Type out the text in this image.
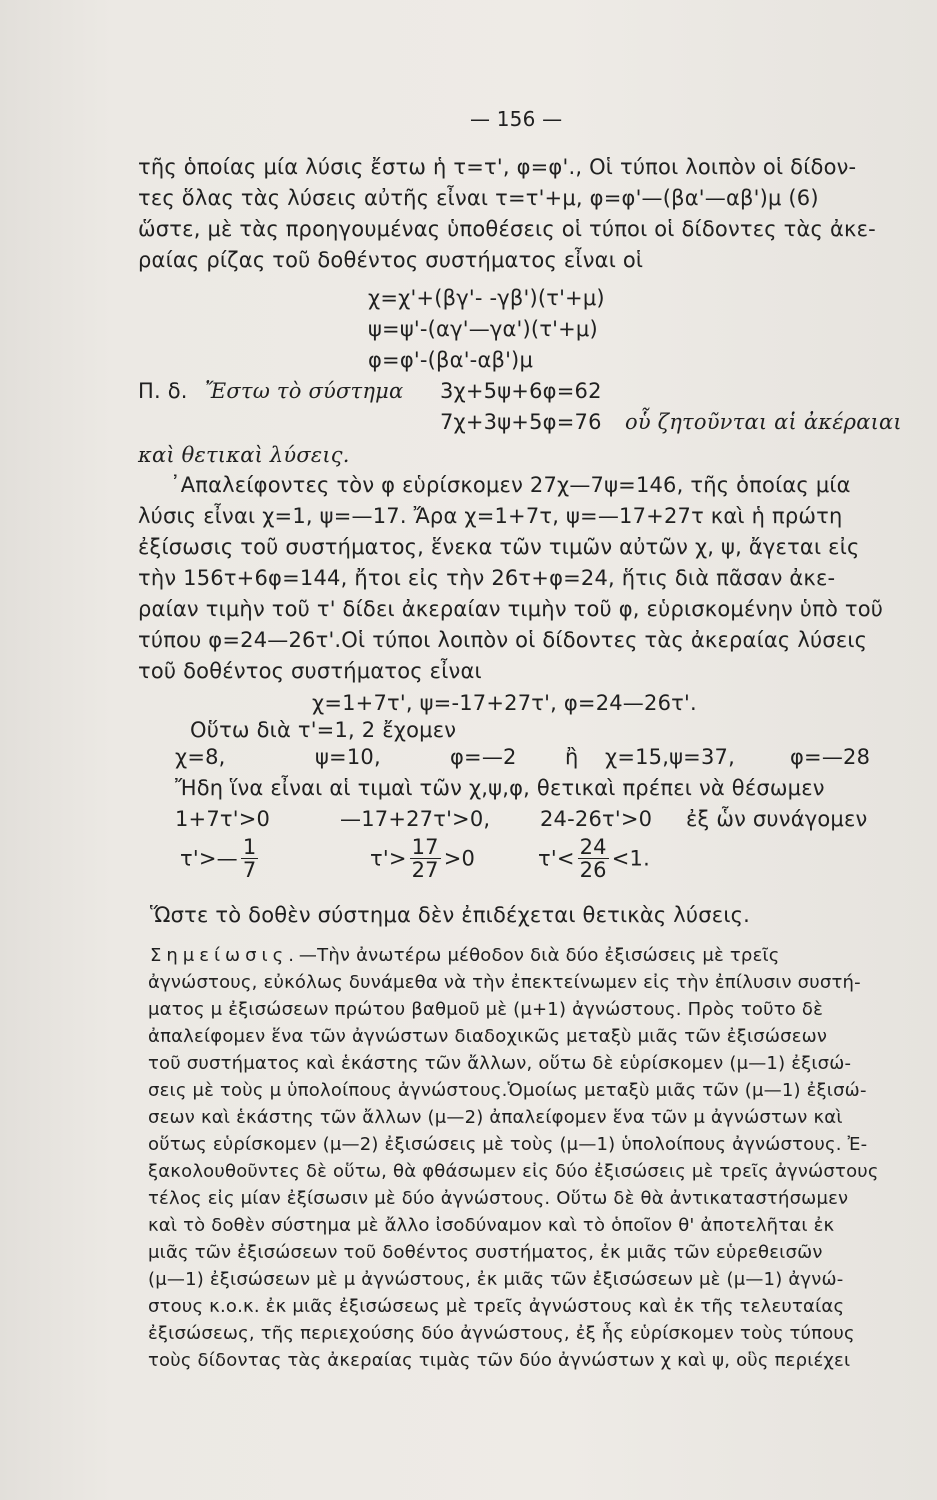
— 156 —
τῆς ὁποίας μία λύσις ἔστω ἡ τ=τ', φ=φ'., Οἱ τύποι λοιπὸν οἱ δίδον-
τες ὅλας τὰς λύσεις αὐτῆς εἶναι τ=τ'+μ, φ=φ'—(βα'—αβ')μ (6)
ὥστε, μὲ τὰς προηγουμένας ὑποθέσεις οἱ τύποι οἱ δίδοντες τὰς ἀκε-
ραίας ρίζας τοῦ δοθέντος συστήματος εἶναι οἱ
χ=χ'+(βγ'- -γβ')(τ'+μ)
ψ=ψ'-(αγ'—γα')(τ'+μ)
φ=φ'-(βα'-αβ')μ
Π. δ. Ἔστω τὸ σύστημα 3χ+5ψ+6φ=62
7χ+3ψ+5φ=76 οὗ ζητοῦνται αἱ ἀκέραιαι
καὶ θετικαὶ λύσεις.
᾽Απαλείφοντες τὸν φ εὑρίσκομεν 27χ—7ψ=146, τῆς ὁποίας μία
λύσις εἶναι χ=1, ψ=—17. Ἄρα χ=1+7τ, ψ=—17+27τ καὶ ἡ πρώτη
ἐξίσωσις τοῦ συστήματος, ἕνεκα τῶν τιμῶν αὐτῶν χ, ψ, ἄγεται εἰς
τὴν 156τ+6φ=144, ἤτοι εἰς τὴν 26τ+φ=24, ἥτις διὰ πᾶσαν ἀκε-
ραίαν τιμὴν τοῦ τ' δίδει ἀκεραίαν τιμὴν τοῦ φ, εὑρισκομένην ὑπὸ τοῦ
τύπου φ=24—26τ'.Οἱ τύποι λοιπὸν οἱ δίδοντες τὰς ἀκεραίας λύσεις
τοῦ δοθέντος συστήματος εἶναι
χ=1+7τ', ψ=-17+27τ', φ=24—26τ'.
Οὕτω διὰ τ'=1, 2 ἔχομεν
χ=8,	ψ=10,	φ=—2 ἢ χ=15,ψ=37,	φ=—28
Ἤδη ἵνα εἶναι αἱ τιμαὶ τῶν χ,ψ,φ, θετικαὶ πρέπει νὰ θέσωμεν
1+7τ'>0	—17+27τ'>0, 24-26τ'>0 ἐξ ὧν συνάγομεν
τ'>— $\frac{1}{7}$	$\tau'> \frac{17}{27} >0$	$\tau'< \frac{24}{26} <1$.
Ὥστε τὸ δοθὲν σύστημα δὲν ἐπιδέχεται θετικὰς λύσεις.
Σημείωσις.—Τὴν ἀνωτέρω μέθοδον διὰ δύο ἐξισώσεις μὲ τρεῖς
ἀγνώστους, εὐκόλως δυνάμεθα νὰ τὴν ἐπεκτείνωμεν εἰς τὴν ἐπίλυσιν συστή-
ματος μ ἐξισώσεων πρώτου βαθμοῦ μὲ (μ+1) ἀγνώστους. Πρὸς τοῦτο δὲ
ἀπαλείφομεν ἕνα τῶν ἀγνώστων διαδοχικῶς μεταξὺ μιᾶς τῶν ἐξισώσεων
τοῦ συστήματος καὶ ἑκάστης τῶν ἄλλων, οὕτω δὲ εὑρίσκομεν (μ—1) ἐξισώ-
σεις μὲ τοὺς μ ὑπολοίπους ἀγνώστους.Ὁμοίως μεταξὺ μιᾶς τῶν (μ—1) ἐξισώ-
σεων καὶ ἑκάστης τῶν ἄλλων (μ—2) ἀπαλείφομεν ἕνα τῶν μ ἀγνώστων καὶ
οὕτως εὑρίσκομεν (μ—2) ἐξισώσεις μὲ τοὺς (μ—1) ὑπολοίπους ἀγνώστους. Ἐ-
ξακολουθοῦντες δὲ οὕτω, θὰ φθάσωμεν εἰς δύο ἐξισώσεις μὲ τρεῖς ἀγνώστους
τέλος εἰς μίαν ἐξίσωσιν μὲ δύο ἀγνώστους. Οὕτω δὲ θὰ ἀντικαταστήσωμεν
καὶ τὸ δοθὲν σύστημα μὲ ἄλλο ἰσοδύναμον καὶ τὸ ὁποῖον θ' ἀποτελῆται ἐκ
μιᾶς τῶν ἐξισώσεων τοῦ δοθέντος συστήματος, ἐκ μιᾶς τῶν εὑρεθεισῶν
(μ—1) ἐξισώσεων μὲ μ ἀγνώστους, ἐκ μιᾶς τῶν ἐξισώσεων μὲ (μ—1) ἀγνώ-
στους κ.ο.κ. ἐκ μιᾶς ἐξισώσεως μὲ τρεῖς ἀγνώστους καὶ ἐκ τῆς τελευταίας
ἐξισώσεως, τῆς περιεχούσης δύο ἀγνώστους, ἐξ ἧς εὑρίσκομεν τοὺς τύπους
τοὺς δίδοντας τὰς ἀκεραίας τιμὰς τῶν δύο ἀγνώστων χ καὶ ψ, οὓς περιέχει
